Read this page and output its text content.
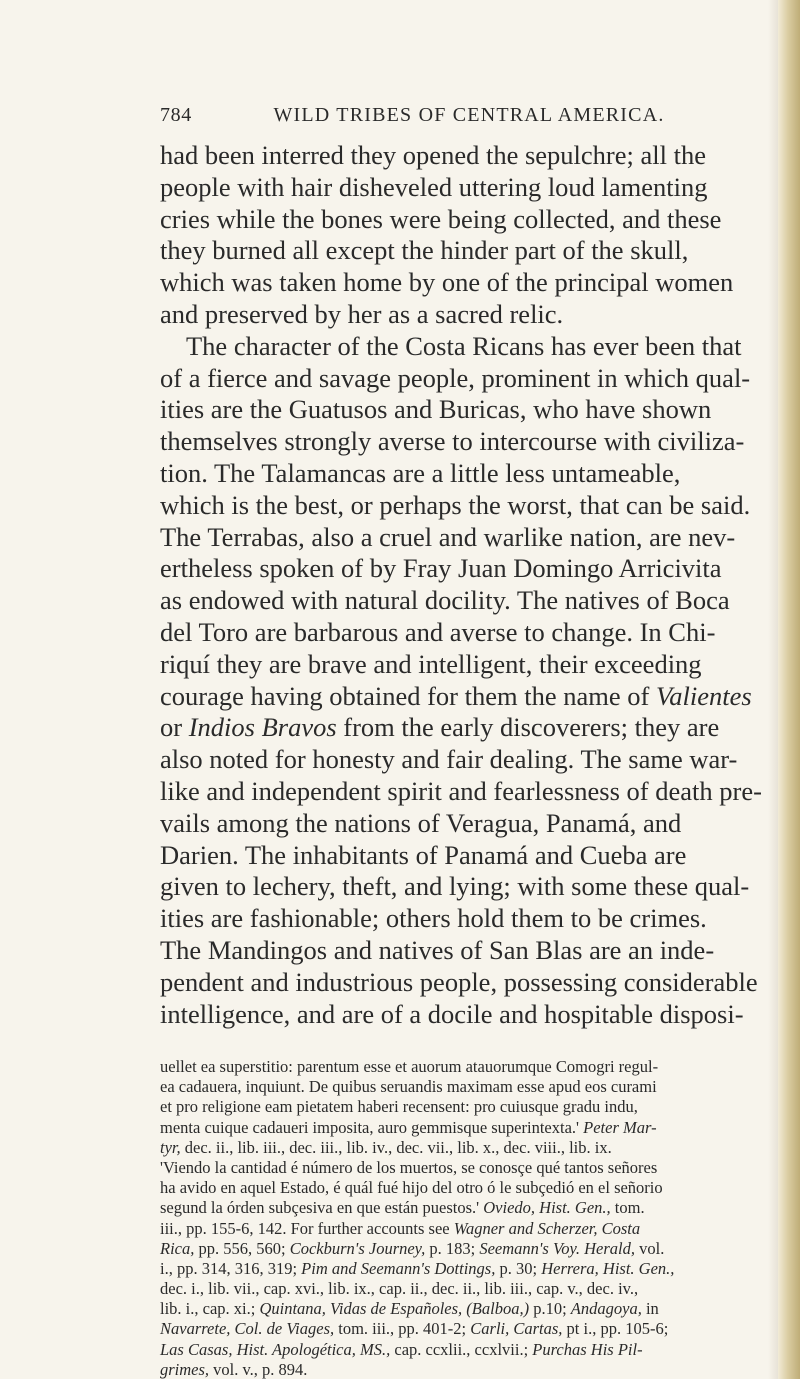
784	WILD TRIBES OF CENTRAL AMERICA.
had been interred they opened the sepulchre; all the
people with hair disheveled uttering loud lamenting
cries while the bones were being collected, and these
they burned all except the hinder part of the skull,
which was taken home by one of the principal women
and preserved by her as a sacred relic.
The character of the Costa Ricans has ever been that
of a fierce and savage people, prominent in which qual-
ities are the Guatusos and Buricas, who have shown
themselves strongly averse to intercourse with civiliza-
tion. The Talamancas are a little less untameable,
which is the best, or perhaps the worst, that can be said.
The Terrabas, also a cruel and warlike nation, are nev-
ertheless spoken of by Fray Juan Domingo Arricivita
as endowed with natural docility. The natives of Boca
del Toro are barbarous and averse to change. In Chi-
riquí they are brave and intelligent, their exceeding
courage having obtained for them the name of Valientes
or Indios Bravos from the early discoverers; they are
also noted for honesty and fair dealing. The same war-
like and independent spirit and fearlessness of death pre-
vails among the nations of Veragua, Panamá, and
Darien. The inhabitants of Panamá and Cueba are
given to lechery, theft, and lying; with some these qual-
ities are fashionable; others hold them to be crimes.
The Mandingos and natives of San Blas are an inde-
pendent and industrious people, possessing considerable
intelligence, and are of a docile and hospitable disposi-
uellet ea superstitio: parentum esse et auorum atauorumque Comogri regul-
ea cadauera, inquiunt. De quibus seruandis maximam esse apud eos curami
et pro religione eam pietatem haberi recensent: pro cuiusque gradu indu,
menta cuique cadaueri imposita, auro gemmisque superintexta.' Peter Mar-
tyr, dec. ii., lib. iii., dec. iii., lib. iv., dec. vii., lib. x., dec. viii., lib. ix.
'Viendo la cantidad é número de los muertos, se conosçe qué tantos señores
ha avido en aquel Estado, é quál fué hijo del otro ó le subçedió en el señorio
segund la órden subçesiva en que están puestos.' Oviedo, Hist. Gen., tom.
iii., pp. 155-6, 142. For further accounts see Wagner and Scherzer, Costa
Rica, pp. 556, 560; Cockburn's Journey, p. 183; Seemann's Voy. Herald, vol.
i., pp. 314, 316, 319; Pim and Seemann's Dottings, p. 30; Herrera, Hist. Gen.,
dec. i., lib. vii., cap. xvi., lib. ix., cap. ii., dec. ii., lib. iii., cap. v., dec. iv.,
lib. i., cap. xi.; Quintana, Vidas de Españoles, (Balboa,) p.10; Andagoya, in
Navarrete, Col. de Viages, tom. iii., pp. 401-2; Carli, Cartas, pt i., pp. 105-6;
Las Casas, Hist. Apologética, MS., cap. ccxlii., ccxlvii.; Purchas His Pil-
grimes, vol. v., p. 894.
